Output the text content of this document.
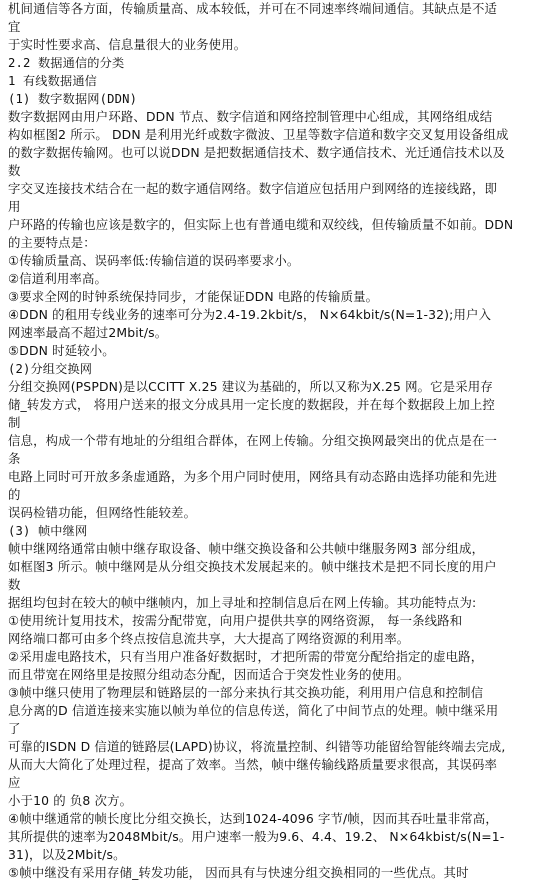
机间通信等各方面，传输质量高、成本较低，并可在不同速率终端间通信。其缺点是不适
宜
于实时性要求高、信息量很大的业务使用。
2.2 数据通信的分类
1 有线数据通信
(1) 数字数据网(DDN)
数字数据网由用户环路、DDN 节点、数字信道和网络控制管理中心组成，其网络组成结
构如框图2 所示。 DDN 是利用光纤或数字微波、卫星等数字信道和数字交叉复用设备组成
的数字数据传输网。也可以说DDN 是把数据通信技术、数字通信技术、光迁通信技术以及
数
字交叉连接技术结合在一起的数字通信网络。数字信道应包括用户到网络的连接线路，即
用
户环路的传输也应该是数字的，但实际上也有普通电缆和双绞线，但传输质量不如前。DDN
的主要特点是：
①传输质量高、误码率低:传输信道的误码率要求小。
②信道利用率高。
③要求全网的时钟系统保持同步，才能保证DDN 电路的传输质量。
④DDN 的租用专线业务的速率可分为2.4-19.2kbit/s， N×64kbit/s(N=1-32);用户入
网速率最高不超过2Mbit/s。
⑤DDN 时延较小。
(2)分组交换网
分组交换网(PSPDN)是以CCITT X.25 建议为基础的，所以又称为X.25 网。它是采用存
储_转发方式， 将用户送来的报文分成具用一定长度的数据段，并在每个数据段上加上控
制
信息，构成一个带有地址的分组组合群体，在网上传输。分组交换网最突出的优点是在一
条
电路上同时可开放多条虚通路，为多个用户同时使用，网络具有动态路由选择功能和先进
的
误码检错功能，但网络性能较差。
(3) 帧中继网
帧中继网络通常由帧中继存取设备、帧中继交换设备和公共帧中继服务网3 部分组成，
如框图3 所示。帧中继网是从分组交换技术发展起来的。帧中继技术是把不同长度的用户
数
据组均包封在较大的帧中继帧内，加上寻址和控制信息后在网上传输。其功能特点为:
①使用统计复用技术，按需分配带宽，向用户提供共享的网络资源， 每一条线路和
网络端口都可由多个终点按信息流共享，大大提高了网络资源的利用率。
②采用虚电路技术，只有当用户准备好数据时，才把所需的带宽分配给指定的虚电路，
而且带宽在网络里是按照分组动态分配，因而适合于突发性业务的使用。
③帧中继只使用了物理层和链路层的一部分来执行其交换功能，利用用户信息和控制信
息分离的D 信道连接来实施以帧为单位的信息传送，简化了中间节点的处理。帧中继采用
了
可靠的ISDN D 信道的链路层(LAPD)协议，将流量控制、纠错等功能留给智能终端去完成,
从而大大简化了处理过程，提高了效率。当然，帧中继传输线路质量要求很高，其误码率
应
小于10 的 负8 次方。
④帧中继通常的帧长度比分组交换长，达到1024-4096 字节/帧，因而其吞吐量非常高，
其所提供的速率为2048Mbit/s。用户速率一般为9.6、4.4、19.2、 N×64kbist/s(N=1-
31)，以及2Mbit/s。
⑤帧中继没有采用存储_转发功能， 因而具有与快速分组交换相同的一些优点。其时
